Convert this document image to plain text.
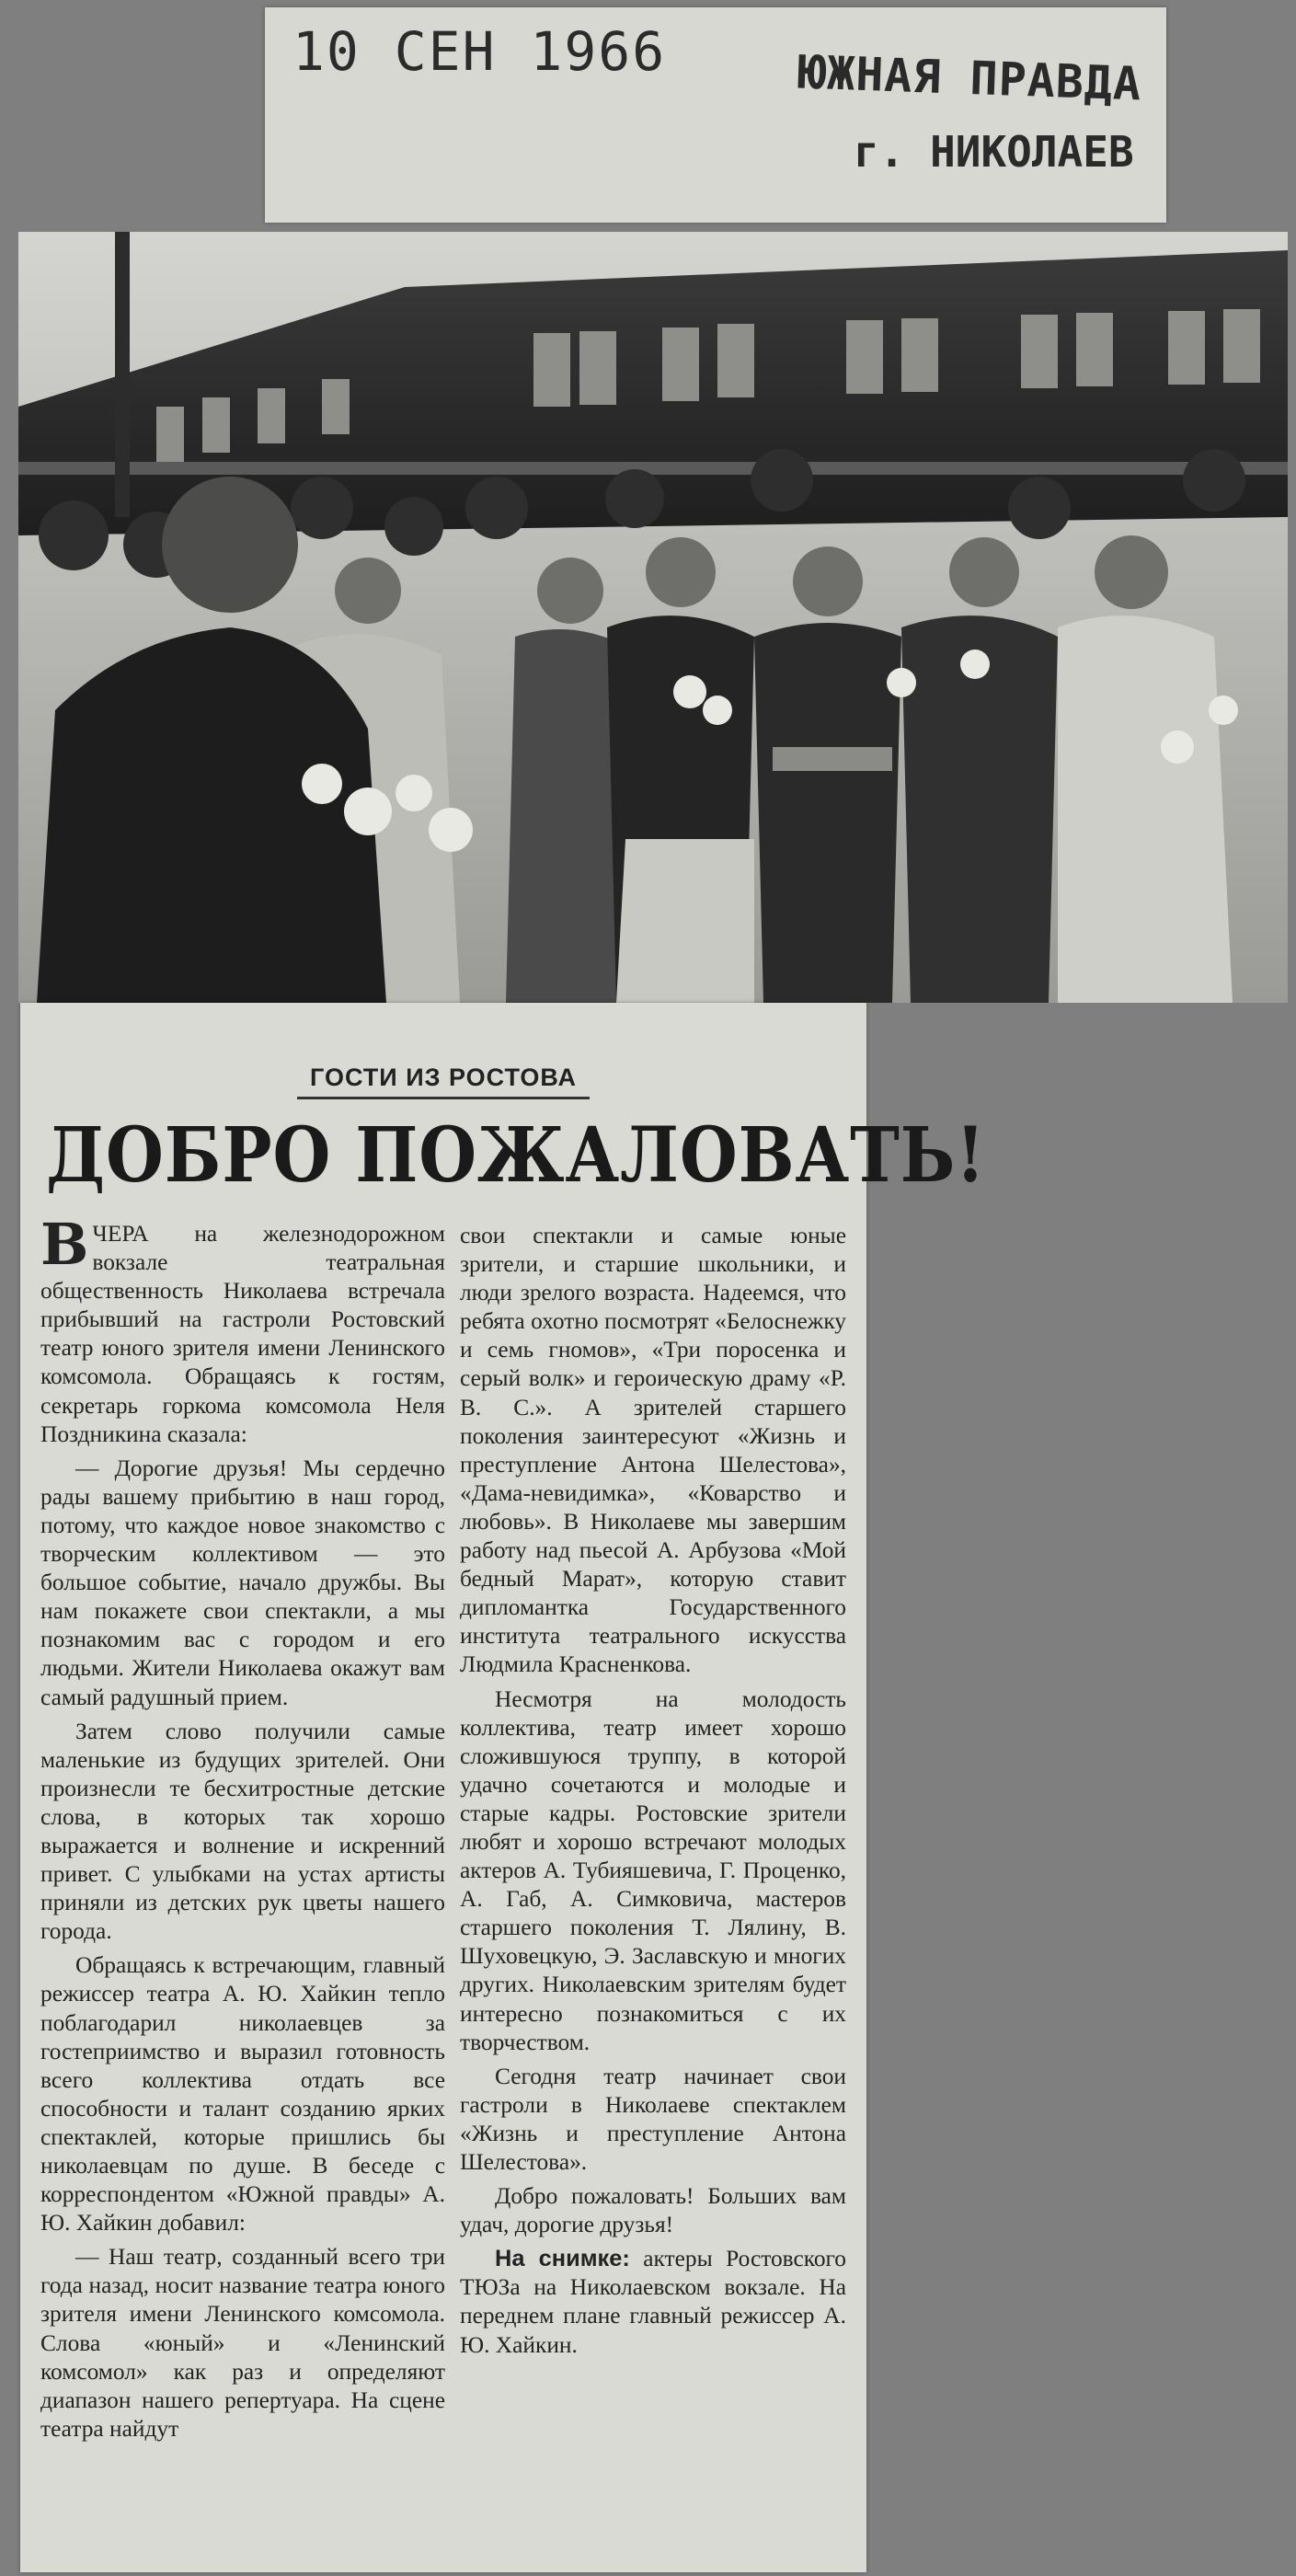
10 СЕН 1966	ЮЖНАЯ ПРАВДА
г. НИКОЛАЕВ
ГОСТИ ИЗ РОСТОВА
ДОБРО ПОЖАЛОВАТЬ!

ВЧЕРА на железнодорожном вокзале театральная общественность Николаева встречала прибывший на гастроли Ростовский театр юного зрителя имени Ленинского комсомола. Обращаясь к гостям, секретарь горкома комсомола Неля Поздникина сказала:

— Дорогие друзья! Мы сердечно рады вашему прибытию в наш город, потому, что каждое новое знакомство с творческим коллективом — это большое событие, начало дружбы. Вы нам покажете свои спектакли, а мы познакомим вас с городом и его людьми. Жители Николаева окажут вам самый радушный прием.

Затем слово получили самые маленькие из будущих зрителей. Они произнесли те бесхитростные детские слова, в которых так хорошо выражается и волнение и искренний привет. С улыбками на устах артисты приняли из детских рук цветы нашего города.

Обращаясь к встречающим, главный режиссер театра А. Ю. Хайкин тепло поблагодарил николаевцев за гостеприимство и выразил готовность всего коллектива отдать все способности и талант созданию ярких спектаклей, которые пришлись бы николаевцам по душе. В беседе с корреспондентом «Южной правды» А. Ю. Хайкин добавил:

— Наш театр, созданный всего три года назад, носит название театра юного зрителя имени Ленинского комсомола. Слова «юный» и «Ленинский комсомол» как раз и определяют диапазон нашего репертуара. На сцене театра найдут

свои спектакли и самые юные зрители, и старшие школьники, и люди зрелого возраста. Надеемся, что ребята охотно посмотрят «Белоснежку и семь гномов», «Три поросенка и серый волк» и героическую драму «Р. В. С.». А зрителей старшего поколения заинтересуют «Жизнь и преступление Антона Шелестова», «Дама-невидимка», «Коварство и любовь». В Николаеве мы завершим работу над пьесой А. Арбузова «Мой бедный Марат», которую ставит дипломантка Государственного института театрального искусства Людмила Красненкова.

Несмотря на молодость коллектива, театр имеет хорошо сложившуюся труппу, в которой удачно сочетаются и молодые и старые кадры. Ростовские зрители любят и хорошо встречают молодых актеров А. Тубияшевича, Г. Проценко, А. Габ, А. Симковича, мастеров старшего поколения Т. Лялину, В. Шуховецкую, Э. Заславскую и многих других. Николаевским зрителям будет интересно познакомиться с их творчеством.

Сегодня театр начинает свои гастроли в Николаеве спектаклем «Жизнь и преступление Антона Шелестова».

Добро пожаловать! Больших вам удач, дорогие друзья!

На снимке: актеры Ростовского ТЮЗа на Николаевском вокзале. На переднем плане главный режиссер А. Ю. Хайкин.
